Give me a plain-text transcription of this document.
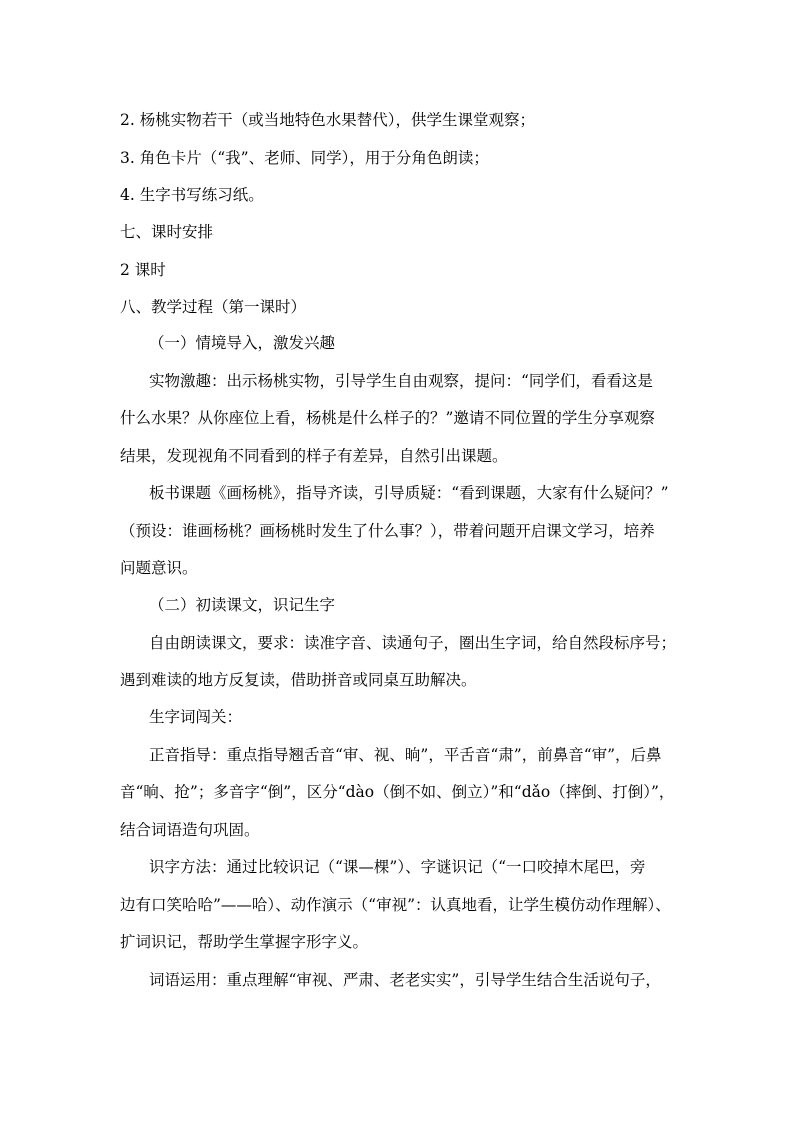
2. 杨桃实物若干（或当地特色水果替代），供学生课堂观察；
3. 角色卡片（“我”、老师、同学），用于分角色朗读；
4. 生字书写练习纸。
七、课时安排
2 课时
八、教学过程（第一课时）
（一）情境导入，激发兴趣
实物激趣：出示杨桃实物，引导学生自由观察，提问：“同学们，看看这是
什么水果？从你座位上看，杨桃是什么样子的？”邀请不同位置的学生分享观察
结果，发现视角不同看到的样子有差异，自然引出课题。
板书课题《画杨桃》，指导齐读，引导质疑：“看到课题，大家有什么疑问？”
（预设：谁画杨桃？画杨桃时发生了什么事？），带着问题开启课文学习，培养
问题意识。
（二）初读课文，识记生字
自由朗读课文，要求：读准字音、读通句子，圈出生字词，给自然段标序号；
遇到难读的地方反复读，借助拼音或同桌互助解决。
生字词闯关：
正音指导：重点指导翘舌音“审、视、晌”，平舌音“肃”，前鼻音“审”，后鼻
音“晌、抢”；多音字“倒”，区分“dào（倒不如、倒立）”和“dǎo（摔倒、打倒）”，
结合词语造句巩固。
识字方法：通过比较识记（“课—棵”）、字谜识记（“一口咬掉木尾巴，旁
边有口笑哈哈”——哈）、动作演示（“审视”：认真地看，让学生模仿动作理解）、
扩词识记，帮助学生掌握字形字义。
词语运用：重点理解“审视、严肃、老老实实”，引导学生结合生活说句子，
